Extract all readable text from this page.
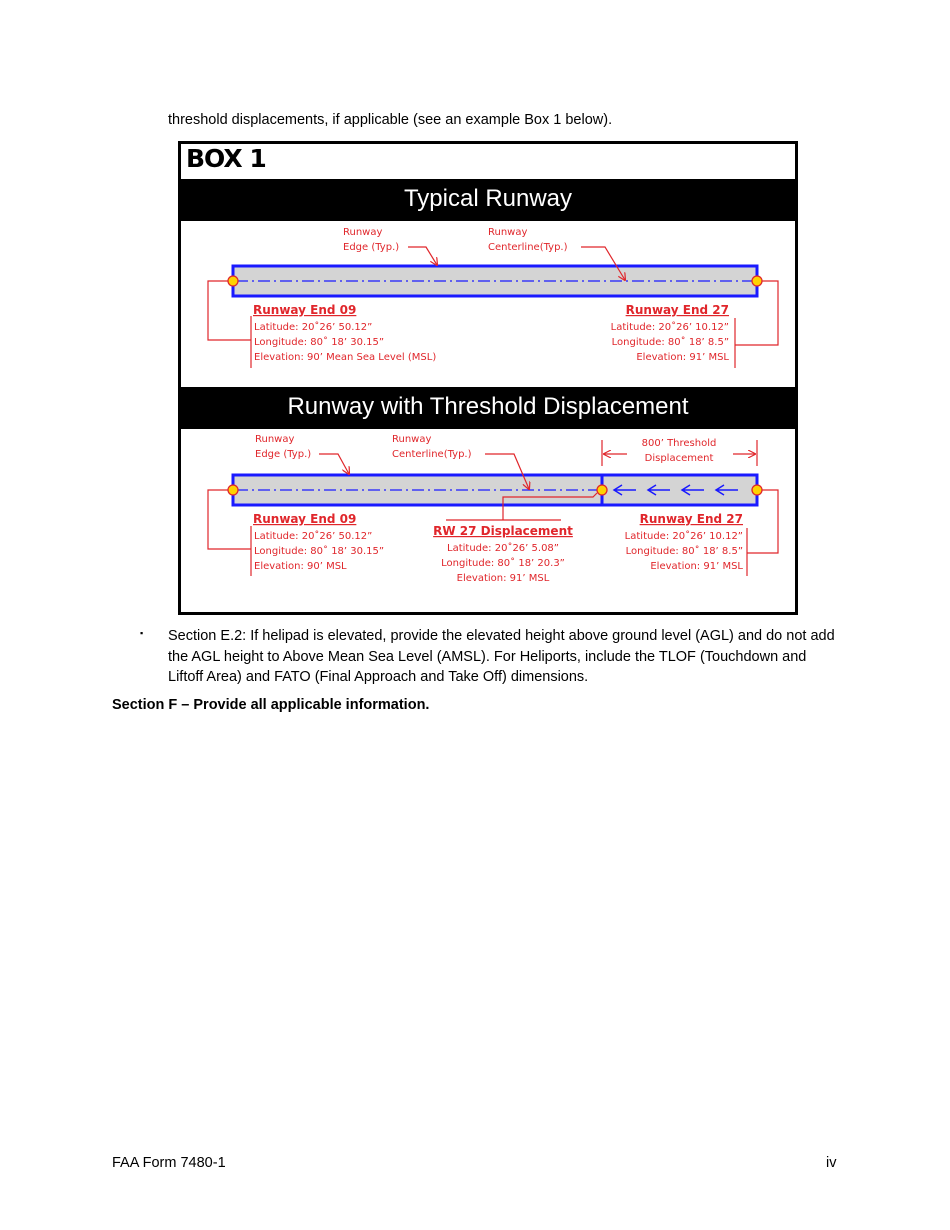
threshold displacements, if applicable (see an example Box 1 below).
BOX 1
Typical Runway
Runway with Threshold Displacement
Runway
Edge (Typ.)
Runway
Centerline(Typ.)
Runway End 09
Latitude: 20˚26’ 50.12”
Longitude: 80˚ 18’ 30.15”
Elevation: 90’ Mean Sea Level (MSL)
Runway End 27
Latitude: 20˚26’ 10.12”
Longitude: 80˚ 18’ 8.5”
Elevation: 91’ MSL
Runway
Edge (Typ.)
Runway
Centerline(Typ.)
800’ Threshold
Displacement
Runway End 09
Latitude: 20˚26’ 50.12”
Longitude: 80˚ 18’ 30.15”
Elevation: 90’ MSL
RW 27 Displacement
Latitude: 20˚26’ 5.08”
Longitude: 80˚ 18’ 20.3”
Elevation: 91’ MSL
Runway End 27
Latitude: 20˚26’ 10.12”
Longitude: 80˚ 18’ 8.5”
Elevation: 91’ MSL
▪ Section E.2: If helipad is elevated, provide the elevated height above ground level (AGL) and do not add the AGL height to Above Mean Sea Level (AMSL). For Heliports, include the TLOF (Touchdown and Liftoff Area) and FATO (Final Approach and Take Off) dimensions.
Section F – Provide all applicable information.
FAA Form 7480-1	iv
